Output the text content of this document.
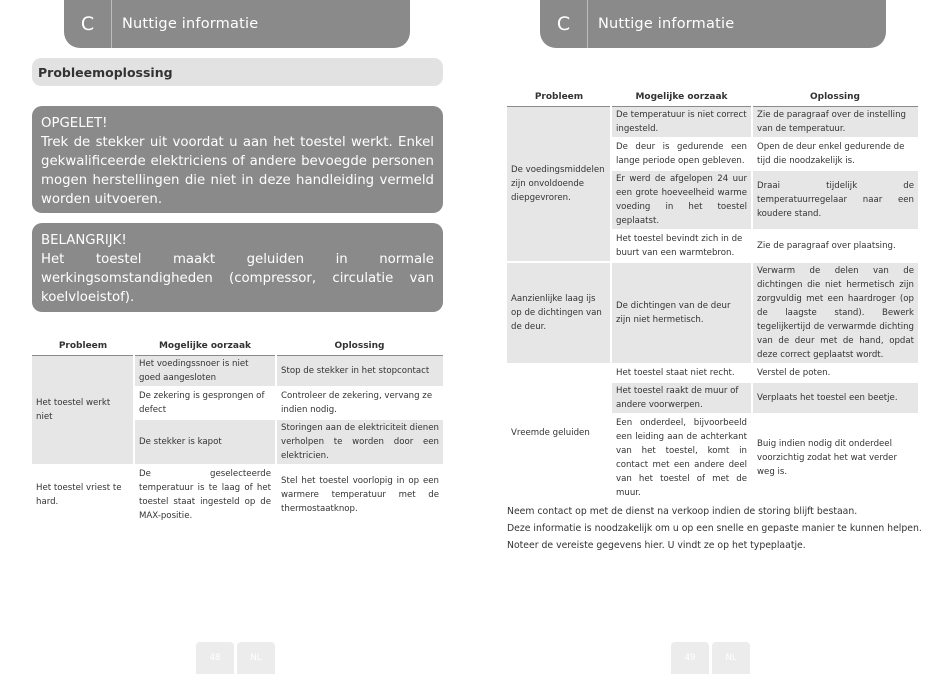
C	Nuttige informatie
Probleemoplossing
OPGELET!
Trek de stekker uit voordat u aan het toestel werkt. Enkel gekwalificeerde elektriciens of andere bevoegde personen mogen herstellingen die niet in deze handleiding vermeld worden uitvoeren.
BELANGRIJK!
Het toestel maakt geluiden in normale werkingsomstandigheden (compressor, circulatie van koelvloeistof).
Probleem	Mogelijke oorzaak	Oplossing
Het toestel werkt niet	Het voedingssnoer is niet goed aangesloten	Stop de stekker in het stopcontact
	De zekering is gesprongen of defect	Controleer de zekering, vervang ze indien nodig.
	De stekker is kapot	Storingen aan de elektriciteit dienen verholpen te worden door een elektricien.
Het toestel vriest te hard.	De geselecteerde temperatuur is te laag of het toestel staat ingesteld op de MAX-positie.	Stel het toestel voorlopig in op een warmere temperatuur met de thermostaatknop.
48	NL
C	Nuttige informatie
Probleem	Mogelijke oorzaak	Oplossing
De voedingsmiddelen zijn onvoldoende diepgevroren.	De temperatuur is niet correct ingesteld.	Zie de paragraaf over de instelling van de temperatuur.
	De deur is gedurende een lange periode open gebleven.	Open de deur enkel gedurende de tijd die noodzakelijk is.
	Er werd de afgelopen 24 uur een grote hoeveelheid warme voeding in het toestel geplaatst.	Draai tijdelijk de temperatuurregelaar naar een koudere stand.
	Het toestel bevindt zich in de buurt van een warmtebron.	Zie de paragraaf over plaatsing.
Aanzienlijke laag ijs op de dichtingen van de deur.	De dichtingen van de deur zijn niet hermetisch.	Verwarm de delen van de dichtingen die niet hermetisch zijn zorgvuldig met een haardroger (op de laagste stand). Bewerk tegelijkertijd de verwarmde dichting van de deur met de hand, opdat deze correct geplaatst wordt.
Vreemde geluiden	Het toestel staat niet recht.	Verstel de poten.
	Het toestel raakt de muur of andere voorwerpen.	Verplaats het toestel een beetje.
	Een onderdeel, bijvoorbeeld een leiding aan de achterkant van het toestel, komt in contact met een andere deel van het toestel of met de muur.	Buig indien nodig dit onderdeel voorzichtig zodat het wat verder weg is.
Neem contact op met de dienst na verkoop indien de storing blijft bestaan.
Deze informatie is noodzakelijk om u op een snelle en gepaste manier te kunnen helpen.
Noteer de vereiste gegevens hier. U vindt ze op het typeplaatje.
49	NL
